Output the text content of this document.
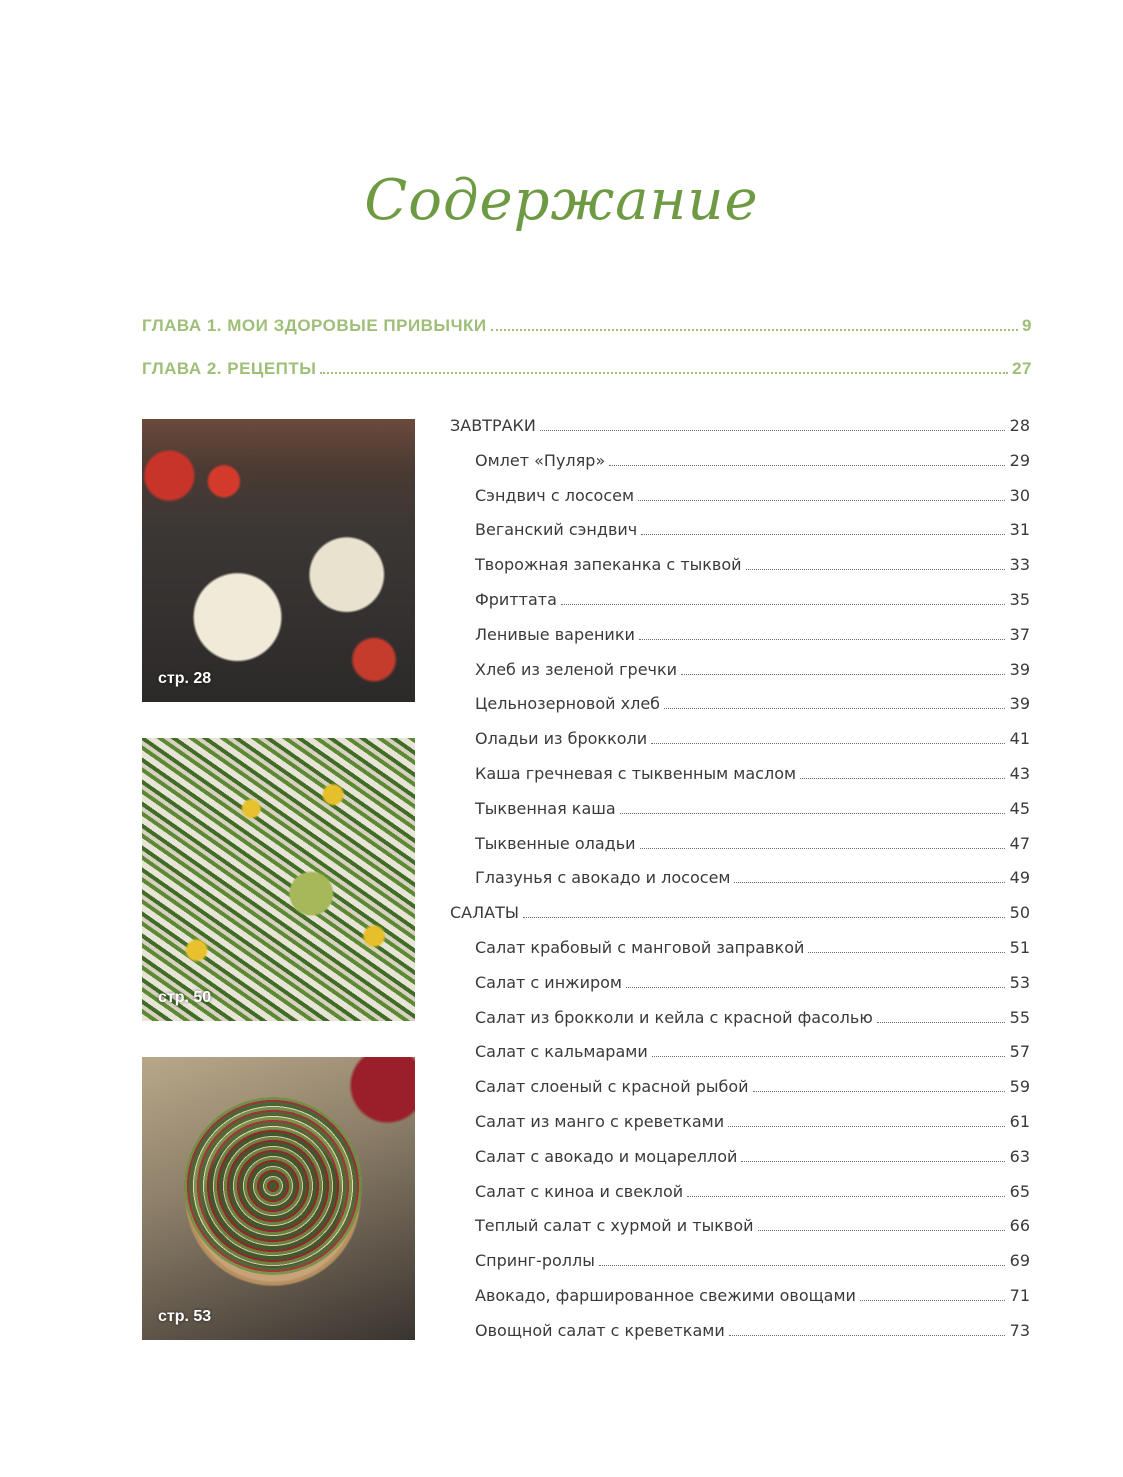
Содержание
ГЛАВА 1. МОИ ЗДОРОВЫЕ ПРИВЫЧКИ	9
ГЛАВА 2. РЕЦЕПТЫ	27
стр. 28
стр. 50
стр. 53
ЗАВТРАКИ	28
Омлет «Пуляр»	29
Сэндвич с лососем	30
Веганский сэндвич	31
Творожная запеканка с тыквой	33
Фриттата	35
Ленивые вареники	37
Хлеб из зеленой гречки	39
Цельнозерновой хлеб	39
Оладьи из брокколи	41
Каша гречневая с тыквенным маслом	43
Тыквенная каша	45
Тыквенные оладьи	47
Глазунья с авокадо и лососем	49
САЛАТЫ	50
Салат крабовый с манговой заправкой	51
Салат с инжиром	53
Салат из брокколи и кейла с красной фасолью	55
Салат с кальмарами	57
Салат слоеный с красной рыбой	59
Салат из манго с креветками	61
Салат с авокадо и моцареллой	63
Салат с киноа и свеклой	65
Теплый салат с хурмой и тыквой	66
Спринг-роллы	69
Авокадо, фаршированное свежими овощами	71
Овощной салат с креветками	73
